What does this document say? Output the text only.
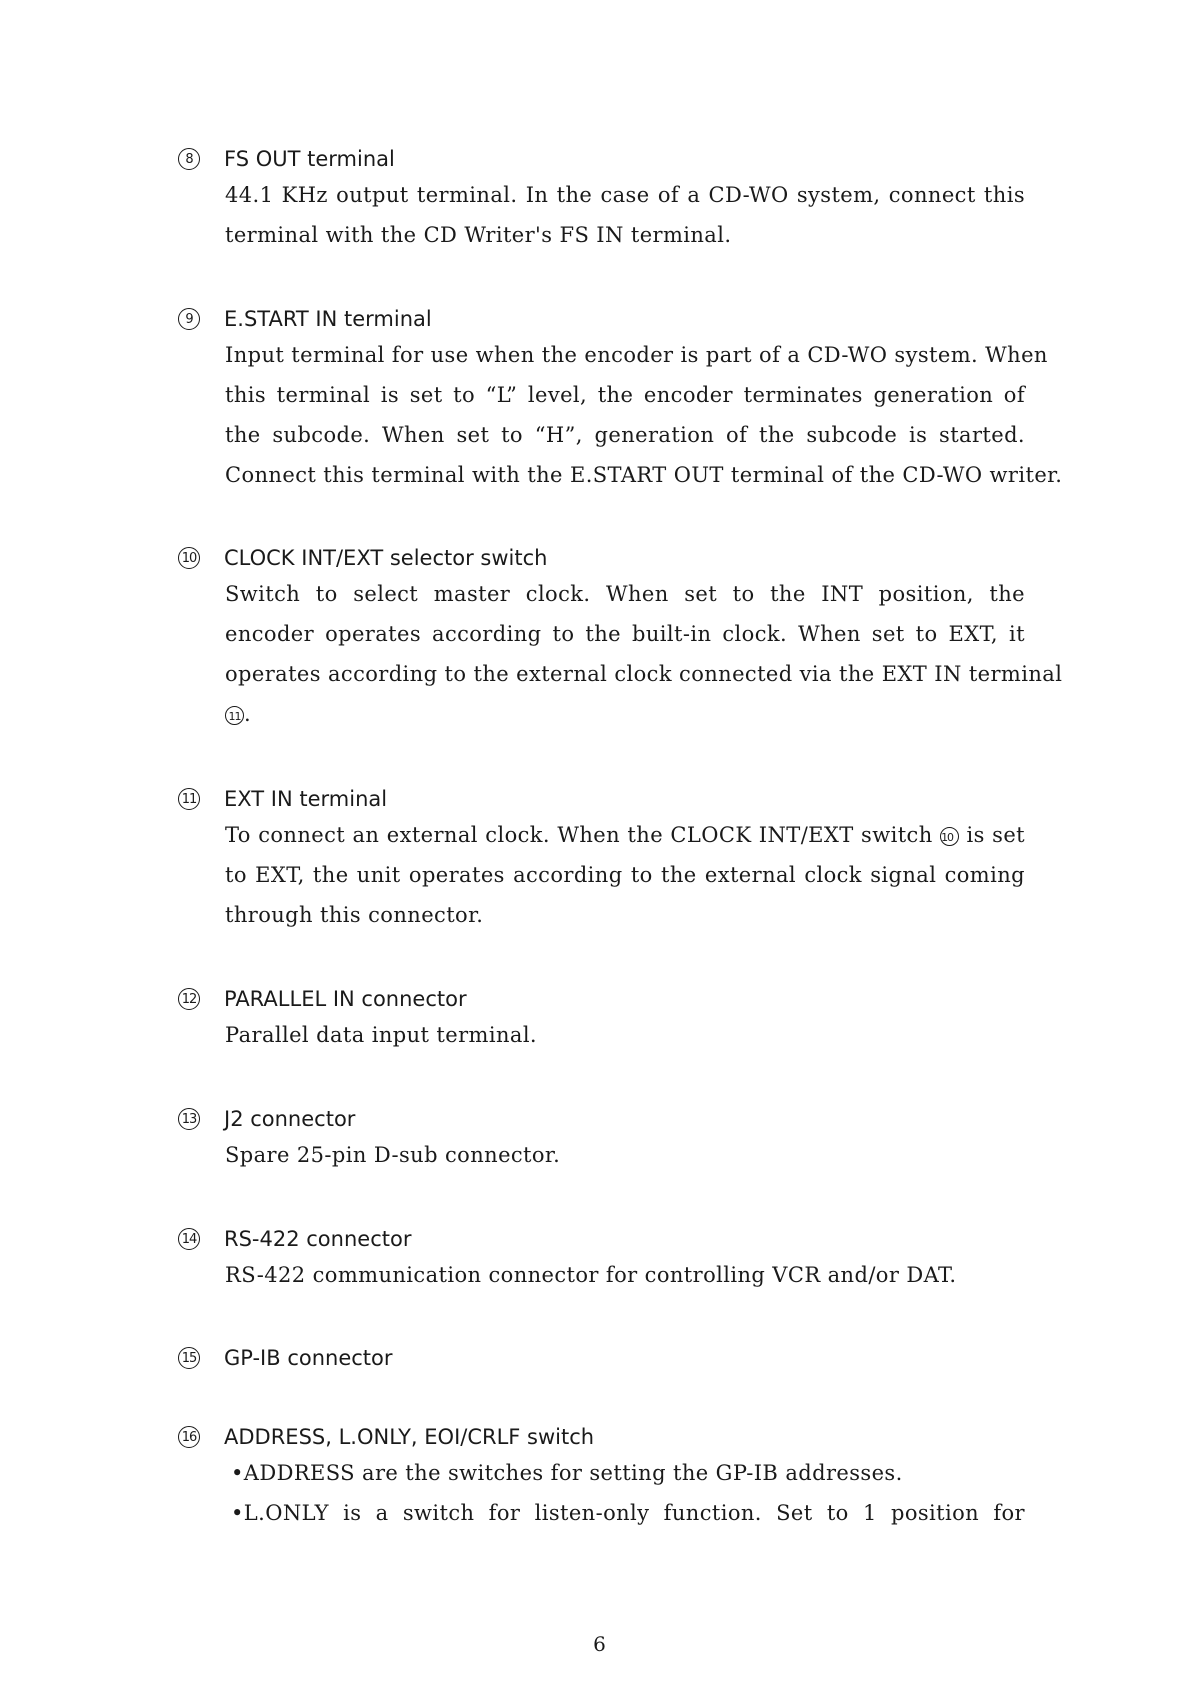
8	FS OUT terminal
44.1 KHz output terminal. In the case of a CD-WO system, connect this
terminal with the CD Writer's FS IN terminal.
9	E.START IN terminal
Input terminal for use when the encoder is part of a CD-WO system. When
this terminal is set to “L” level, the encoder terminates generation of
the subcode. When set to “H”, generation of the subcode is started.
Connect this terminal with the E.START OUT terminal of the CD-WO writer.
10 CLOCK INT/EXT selector switch
Switch to select master clock. When set to the INT position, the
encoder operates according to the built-in clock. When set to EXT, it
operates according to the external clock connected via the EXT IN terminal
11 .
11 EXT IN terminal
To connect an external clock. When the CLOCK INT/EXT switch 10 is set
to EXT, the unit operates according to the external clock signal coming
through this connector.
12 PARALLEL IN connector
Parallel data input terminal.
13 J2 connector
Spare 25-pin D-sub connector.
14 RS-422 connector
RS-422 communication connector for controlling VCR and/or DAT.
15 GP-IB connector
16 ADDRESS, L.ONLY, EOI/CRLF switch
•ADDRESS are the switches for setting the GP-IB addresses.
•L.ONLY is a switch for listen-only function. Set to 1 position for
6
